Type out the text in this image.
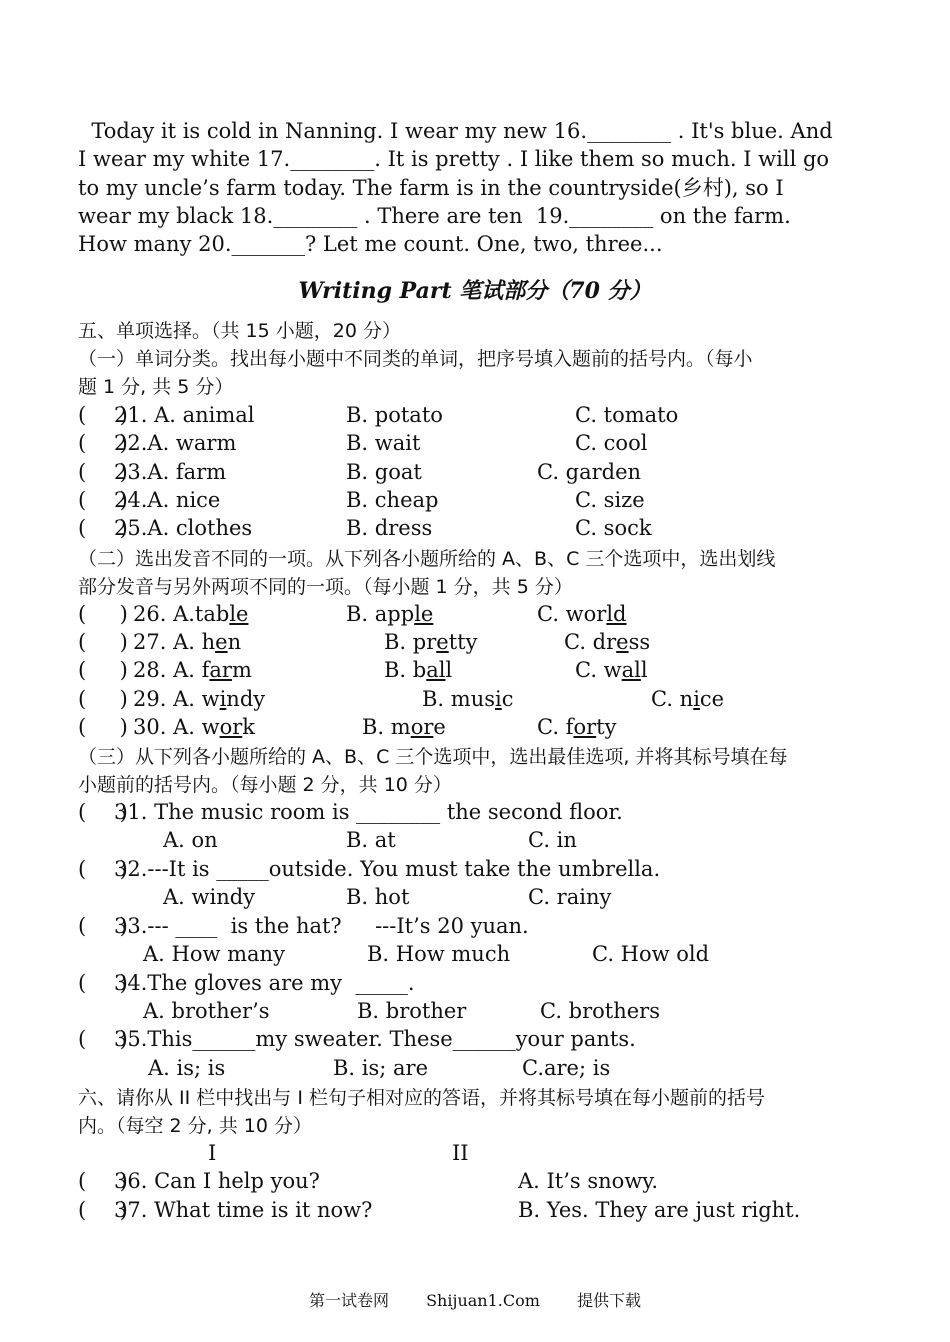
Today it is cold in Nanning. I wear my new 16.________ . It's blue. And
I wear my white 17.________. It is pretty . I like them so much. I will go
to my uncle’s farm today. The farm is in the countryside(乡村), so I
wear my black 18.________ . There are ten  19.________ on the farm.
How many 20._______? Let me count. One, two, three...
Writing Part 笔试部分（70 分）
五、单项选择。（共 15 小题，20 分）
（一）单词分类。找出每小题中不同类的单词，把序号填入题前的括号内。（每小
题 1 分, 共 5 分）
(     )
21. A. animal	B. potato	C. tomato
(     )
22.A. warm	B. wait	C. cool
(     )
23.A. farm	B. goat	C. garden
(     )
24.A. nice	B. cheap	C. size
(     )
25.A. clothes	B. dress	C. sock
（二）选出发音不同的一项。从下列各小题所给的 A、B、C 三个选项中，选出划线
部分发音与另外两项不同的一项。（每小题 1 分，共 5 分）
(     ) 26. A.table	B. apple	C. world
(     ) 27. A. hen	B. pretty	C. dress
(     ) 28. A. farm	B. ball	C. wall
(     ) 29. A. windy	B. music	C. nice
(     ) 30. A. work	B. more	C. forty
（三）从下列各小题所给的 A、B、C 三个选项中，选出最佳选项, 并将其标号填在每
小题前的括号内。（每小题 2 分，共 10 分）
(     )
31. The music room is ________ the second floor.
A. on	B. at	C. in
(     )
32.---It is _____outside. You must take the umbrella.
A. windy	B. hot	C. rainy
(     )
33.--- ____  is the hat?     ---It’s 20 yuan.
A. How many	B. How much	C. How old
(     )
34.The gloves are my  _____.
A. brother’s	B. brother	C. brothers
(     )
35.This______my sweater. These______your pants.
A. is; is	B. is; are	C.are; is
六、请你从 II 栏中找出与 I 栏句子相对应的答语，并将其标号填在每小题前的括号
内。（每空 2 分, 共 10 分）
I	II
(     )
36. Can I help you?	A. It’s snowy.
(     )
37. What time is it now?	B. Yes. They are just right.
第一试卷网 Shijuan1.Com 提供下载
